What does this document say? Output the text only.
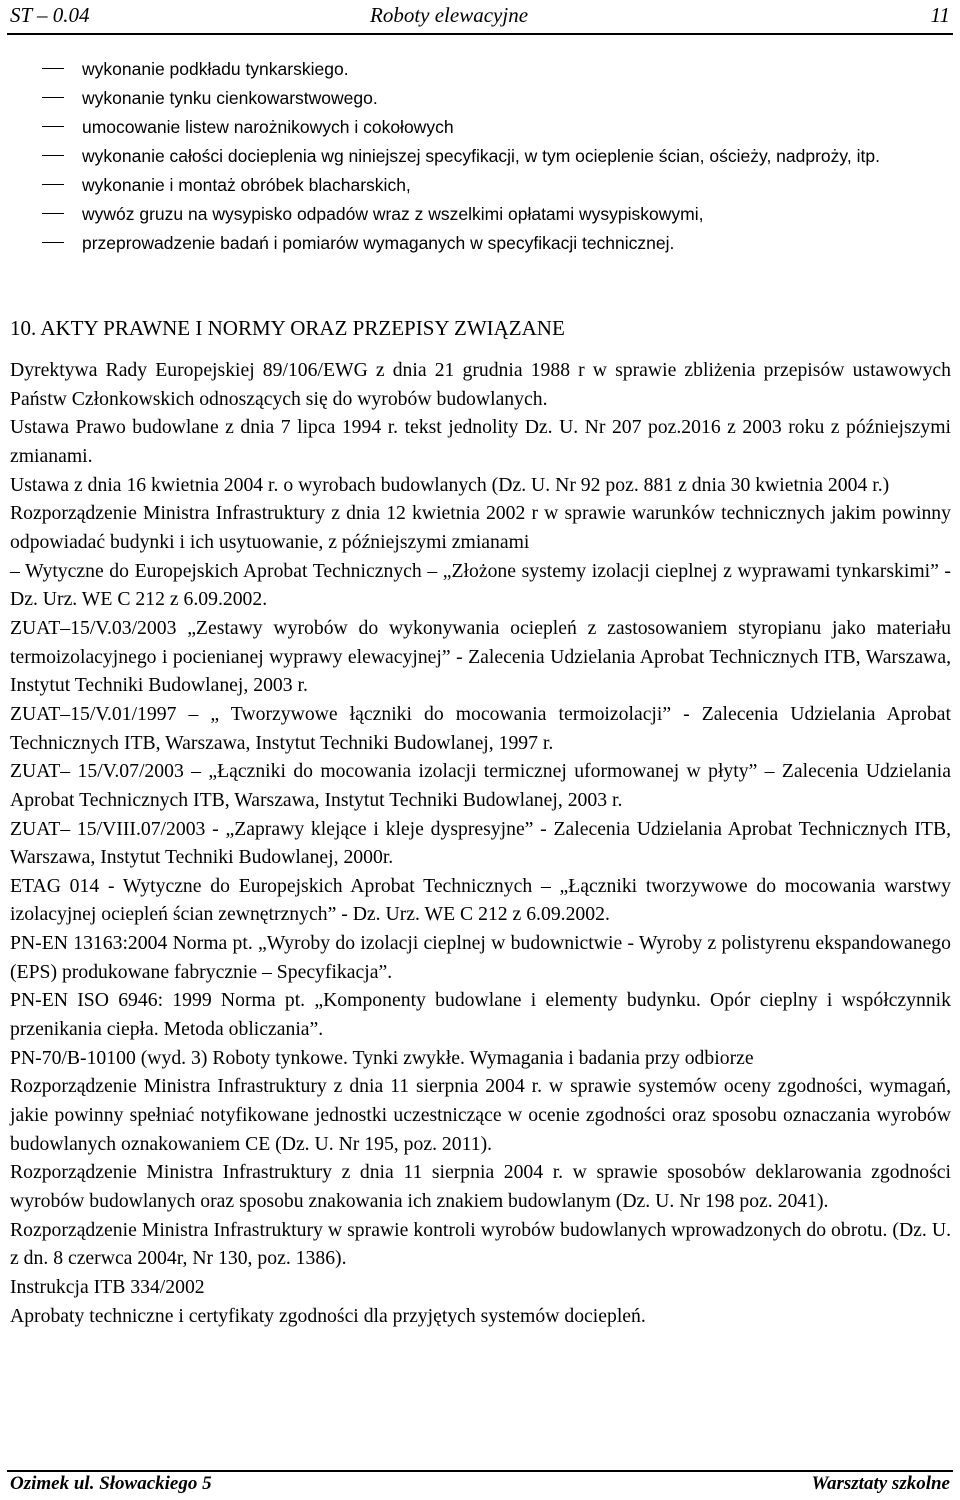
ST – 0.04	Roboty elewacyjne	11
wykonanie podkładu tynkarskiego.
wykonanie tynku cienkowarstwowego.
umocowanie listew narożnikowych i cokołowych
wykonanie całości docieplenia wg niniejszej specyfikacji, w tym ocieplenie ścian, ościeży, nadproży, itp.
wykonanie i montaż obróbek blacharskich,
wywóz gruzu na wysypisko odpadów wraz z wszelkimi opłatami wysypiskowymi,
przeprowadzenie badań i pomiarów wymaganych w specyfikacji technicznej.
10. AKTY PRAWNE I NORMY ORAZ PRZEPISY ZWIĄZANE

Dyrektywa Rady Europejskiej 89/106/EWG z dnia 21 grudnia 1988 r w sprawie zbliżenia przepisów ustawowych Państw Członkowskich odnoszących się do wyrobów budowlanych.

Ustawa Prawo budowlane z dnia 7 lipca 1994 r. tekst jednolity Dz. U. Nr 207 poz.2016 z 2003 roku z późniejszymi zmianami.

Ustawa z dnia 16 kwietnia 2004 r. o wyrobach budowlanych (Dz. U. Nr 92 poz. 881 z dnia 30 kwietnia 2004 r.)

Rozporządzenie Ministra Infrastruktury z dnia 12 kwietnia 2002 r w sprawie warunków technicznych jakim powinny odpowiadać budynki i ich usytuowanie, z późniejszymi zmianami

– Wytyczne do Europejskich Aprobat Technicznych – „Złożone systemy izolacji cieplnej z wyprawami tynkarskimi” - Dz. Urz. WE C 212 z 6.09.2002.

ZUAT–15/V.03/2003 „Zestawy wyrobów do wykonywania ociepleń z zastosowaniem styropianu jako materiału termoizolacyjnego i pocienianej wyprawy elewacyjnej” - Zalecenia Udzielania Aprobat Technicznych ITB, Warszawa, Instytut Techniki Budowlanej, 2003 r.

ZUAT–15/V.01/1997 – „ Tworzywowe łączniki do mocowania termoizolacji” - Zalecenia Udzielania Aprobat Technicznych ITB, Warszawa, Instytut Techniki Budowlanej, 1997 r.

ZUAT– 15/V.07/2003 – „Łączniki do mocowania izolacji termicznej uformowanej w płyty” – Zalecenia Udzielania Aprobat Technicznych ITB, Warszawa, Instytut Techniki Budowlanej, 2003 r.

ZUAT– 15/VIII.07/2003 - „Zaprawy klejące i kleje dyspresyjne” - Zalecenia Udzielania Aprobat Technicznych ITB, Warszawa, Instytut Techniki Budowlanej, 2000r.

ETAG 014 - Wytyczne do Europejskich Aprobat Technicznych – „Łączniki tworzywowe do mocowania warstwy izolacyjnej ociepleń ścian zewnętrznych” - Dz. Urz. WE C 212 z 6.09.2002.

PN-EN 13163:2004 Norma pt. „Wyroby do izolacji cieplnej w budownictwie - Wyroby z polistyrenu ekspandowanego (EPS) produkowane fabrycznie – Specyfikacja”.

PN-EN ISO 6946: 1999 Norma pt. „Komponenty budowlane i elementy budynku. Opór cieplny i współczynnik przenikania ciepła. Metoda obliczania”.

PN-70/B-10100 (wyd. 3) Roboty tynkowe. Tynki zwykłe. Wymagania i badania przy odbiorze

Rozporządzenie Ministra Infrastruktury z dnia 11 sierpnia 2004 r. w sprawie systemów oceny zgodności, wymagań, jakie powinny spełniać notyfikowane jednostki uczestniczące w ocenie zgodności oraz sposobu oznaczania wyrobów budowlanych oznakowaniem CE (Dz. U. Nr 195, poz. 2011).

Rozporządzenie Ministra Infrastruktury z dnia 11 sierpnia 2004 r. w sprawie sposobów deklarowania zgodności wyrobów budowlanych oraz sposobu znakowania ich znakiem budowlanym (Dz. U. Nr 198 poz. 2041).

Rozporządzenie Ministra Infrastruktury w sprawie kontroli wyrobów budowlanych wprowadzonych do obrotu. (Dz. U. z dn. 8 czerwca 2004r, Nr 130, poz. 1386).

Instrukcja ITB 334/2002

Aprobaty techniczne i certyfikaty zgodności dla przyjętych systemów dociepleń.

Ozimek ul. Słowackiego 5	Warsztaty szkolne
